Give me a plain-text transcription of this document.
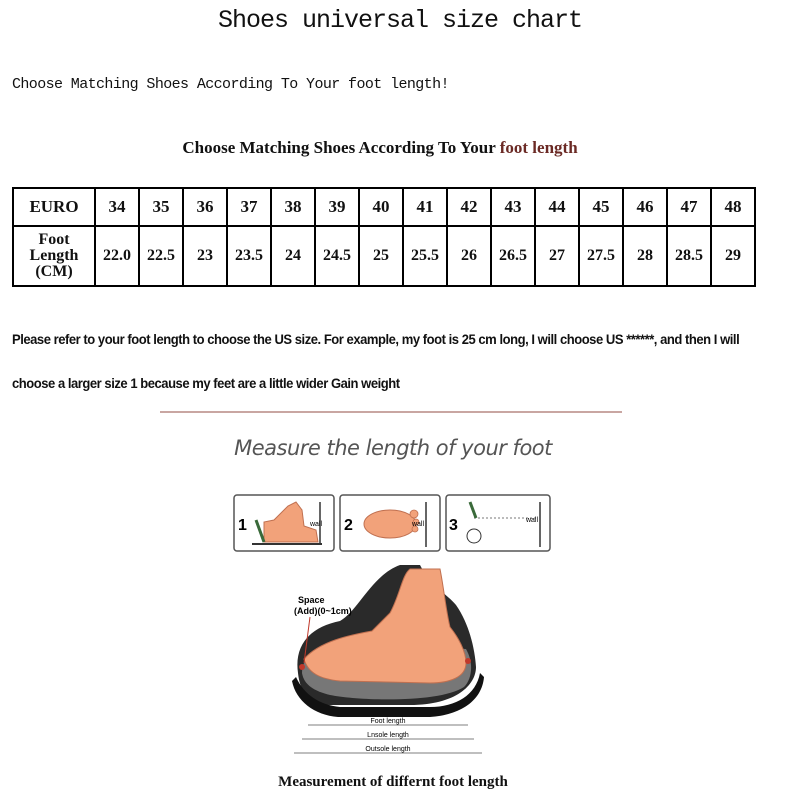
Shoes universal size chart
Choose Matching Shoes According To Your foot length!
Choose Matching Shoes According To Your foot length
EURO	34	35	36	37	38	39	40	41	42	43	44	45	46	47	48
Foot
Length
(CM)	22.0	22.5	23	23.5	24	24.5	25	25.5	26	26.5	27	27.5	28	28.5	29
Please refer to your foot length to choose the US size. For example, my foot is 25 cm long, I will choose US ******, and then I will
choose a larger size 1 because my feet are a little wider Gain weight
Measure the length of your foot
1	wall 2	wall 3	wall
Space
(Add)(0~1cm)
Foot length
Lnsole length
Outsole length
Measurement of differnt foot length
